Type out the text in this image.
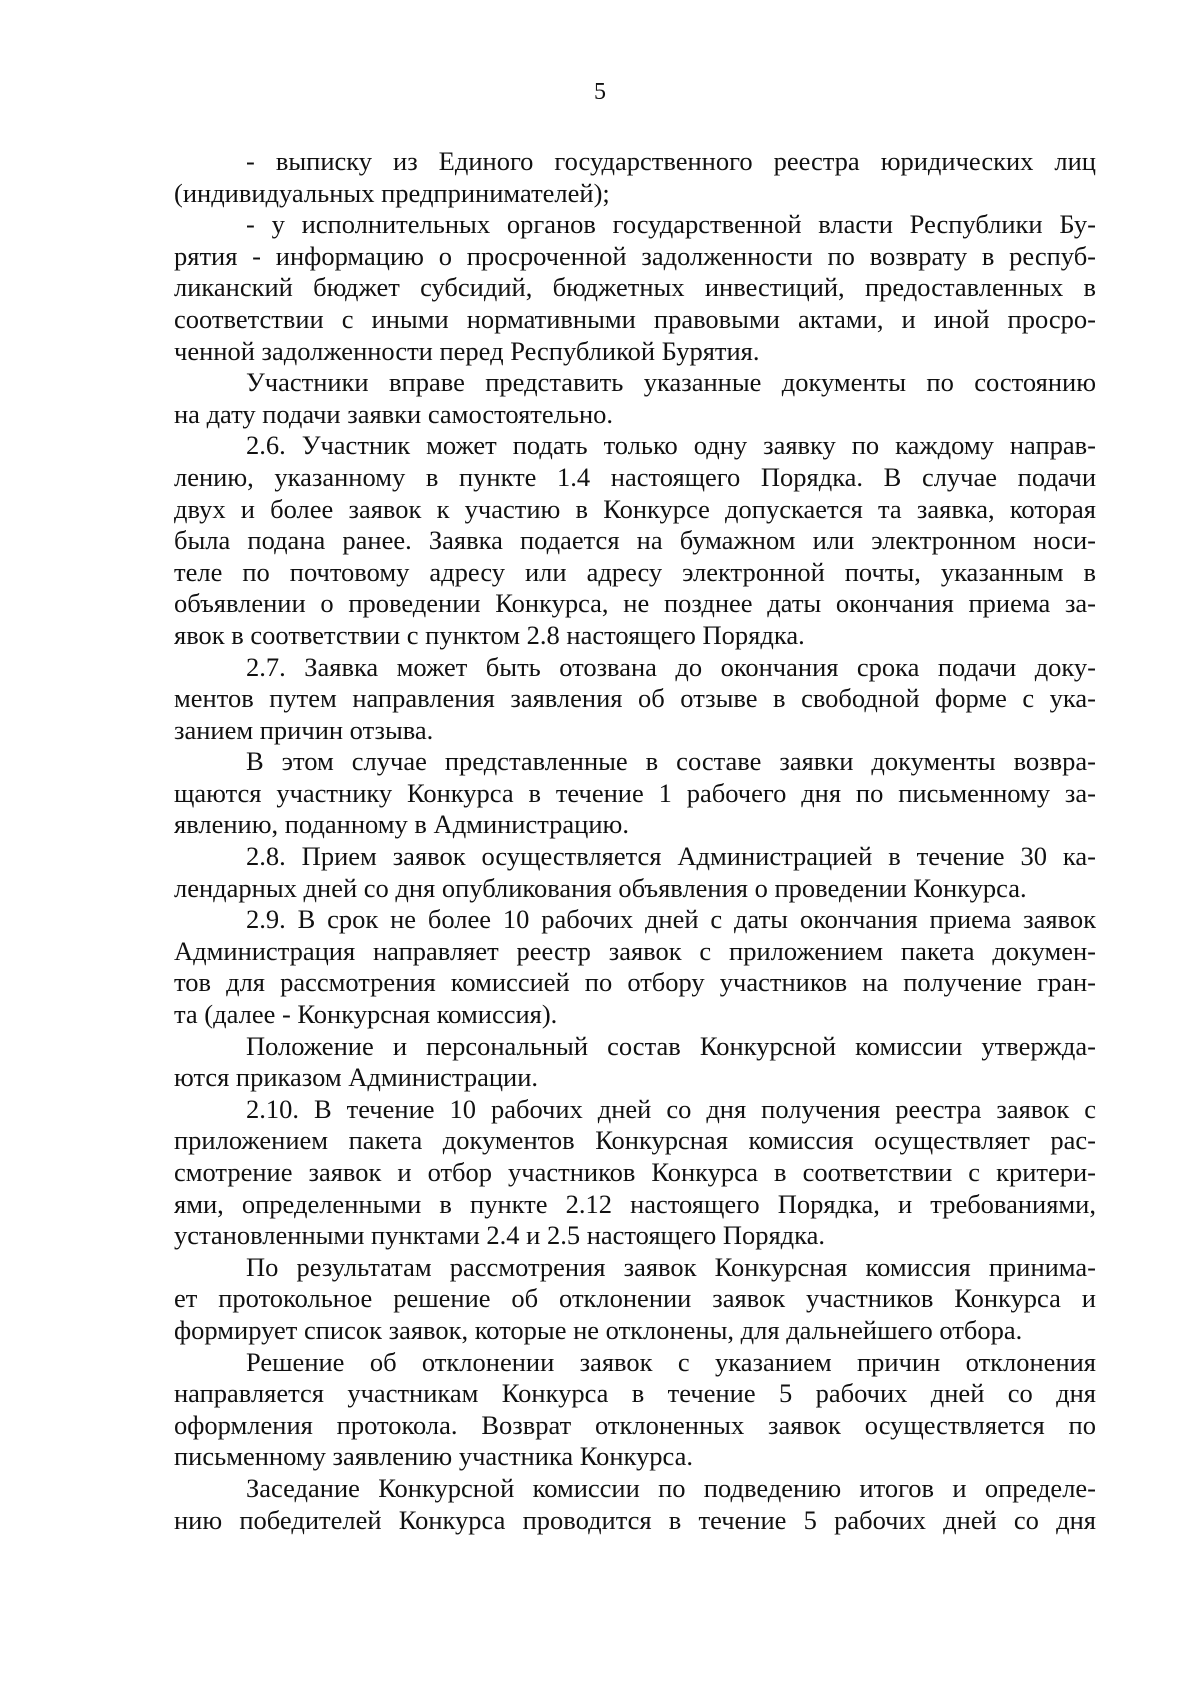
5
- выписку из Единого государственного реестра юридических лиц
(индивидуальных предпринимателей);
- у исполнительных органов государственной власти Республики Бу-
рятия - информацию о просроченной задолженности по возврату в респуб-
ликанский бюджет субсидий, бюджетных инвестиций, предоставленных в
соответствии с иными нормативными правовыми актами, и иной просро-
ченной задолженности перед Республикой Бурятия.
Участники вправе представить указанные документы по состоянию
на дату подачи заявки самостоятельно.
2.6. Участник может подать только одну заявку по каждому направ-
лению, указанному в пункте 1.4 настоящего Порядка. В случае подачи
двух и более заявок к участию в Конкурсе допускается та заявка, которая
была подана ранее. Заявка подается на бумажном или электронном носи-
теле по почтовому адресу или адресу электронной почты, указанным в
объявлении о проведении Конкурса, не позднее даты окончания приема за-
явок в соответствии с пунктом 2.8 настоящего Порядка.
2.7. Заявка может быть отозвана до окончания срока подачи доку-
ментов путем направления заявления об отзыве в свободной форме с ука-
занием причин отзыва.
В этом случае представленные в составе заявки документы возвра-
щаются участнику Конкурса в течение 1 рабочего дня по письменному за-
явлению, поданному в Администрацию.
2.8. Прием заявок осуществляется Администрацией в течение 30 ка-
лендарных дней со дня опубликования объявления о проведении Конкурса.
2.9. В срок не более 10 рабочих дней с даты окончания приема заявок
Администрация направляет реестр заявок с приложением пакета докумен-
тов для рассмотрения комиссией по отбору участников на получение гран-
та (далее - Конкурсная комиссия).
Положение и персональный состав Конкурсной комиссии утвержда-
ются приказом Администрации.
2.10. В течение 10 рабочих дней со дня получения реестра заявок с
приложением пакета документов Конкурсная комиссия осуществляет рас-
смотрение заявок и отбор участников Конкурса в соответствии с критери-
ями, определенными в пункте 2.12 настоящего Порядка, и требованиями,
установленными пунктами 2.4 и 2.5 настоящего Порядка.
По результатам рассмотрения заявок Конкурсная комиссия принима-
ет протокольное решение об отклонении заявок участников Конкурса и
формирует список заявок, которые не отклонены, для дальнейшего отбора.
Решение об отклонении заявок с указанием причин отклонения
направляется участникам Конкурса в течение 5 рабочих дней со дня
оформления протокола. Возврат отклоненных заявок осуществляется по
письменному заявлению участника Конкурса.
Заседание Конкурсной комиссии по подведению итогов и определе-
нию победителей Конкурса проводится в течение 5 рабочих дней со дня
